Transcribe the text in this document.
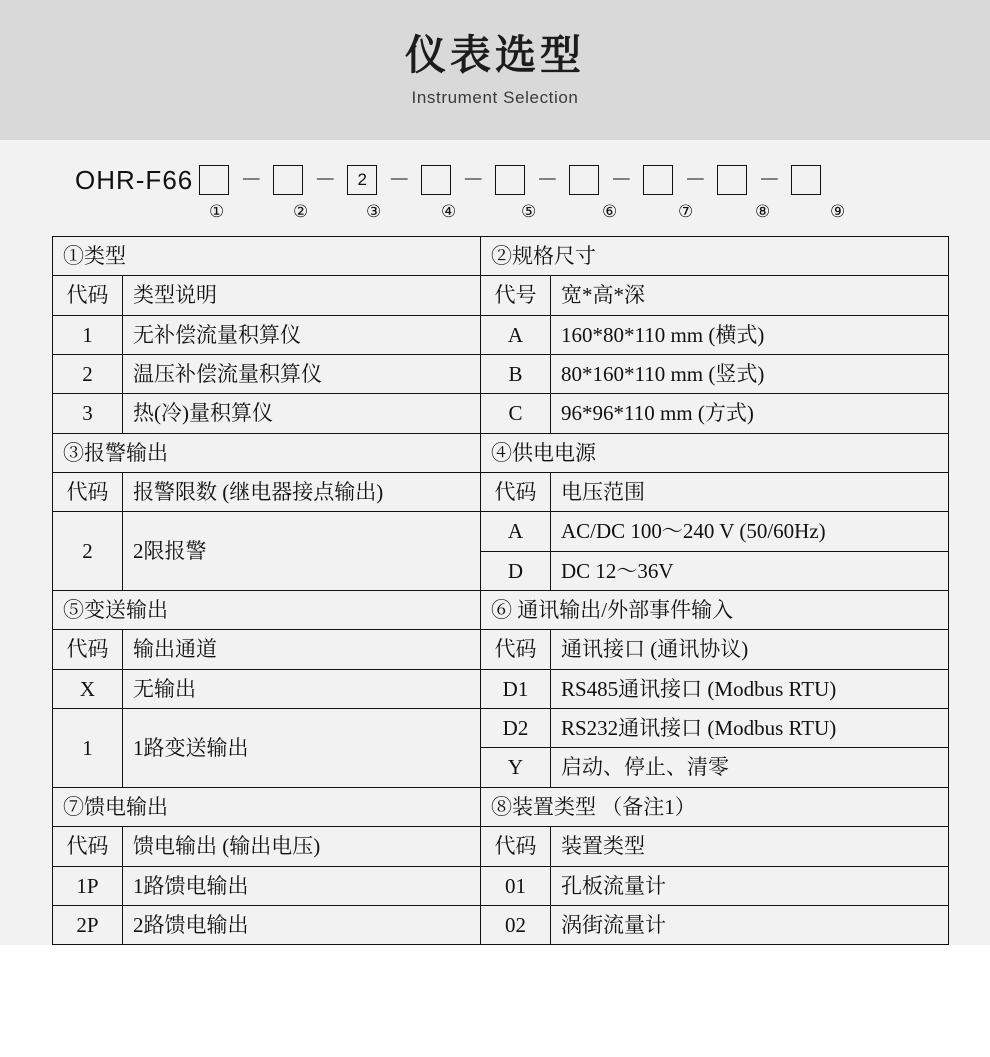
仪表选型
Instrument Selection
OHR-F66	－	－	2 －	－	－	－	－	－
①	②	③	④	⑤	⑥	⑦	⑧	⑨
①类型		②规格尺寸	
代码	类型说明	代号	宽*高*深
1	无补偿流量积算仪	A	160*80*110 mm (横式)
2	温压补偿流量积算仪	B	80*160*110 mm (竖式)
3	热(冷)量积算仪	C	96*96*110 mm (方式)
③报警输出		④供电电源	
代码	报警限数 (继电器接点输出)	代码	电压范围
2	2限报警	A	AC/DC 100～240 V (50/60Hz)
		D	DC 12～36V
⑤变送输出		⑥ 通讯输出/外部事件输入	
代码	输出通道	代码	通讯接口 (通讯协议)
X	无输出	D1	RS485通讯接口 (Modbus RTU)
1	1路变送输出	D2	RS232通讯接口 (Modbus RTU)
		Y	启动、停止、清零
⑦馈电输出		⑧装置类型 （备注1）	
代码	馈电输出 (输出电压)	代码	装置类型
1P	1路馈电输出	01	孔板流量计
2P	2路馈电输出	02	涡街流量计
